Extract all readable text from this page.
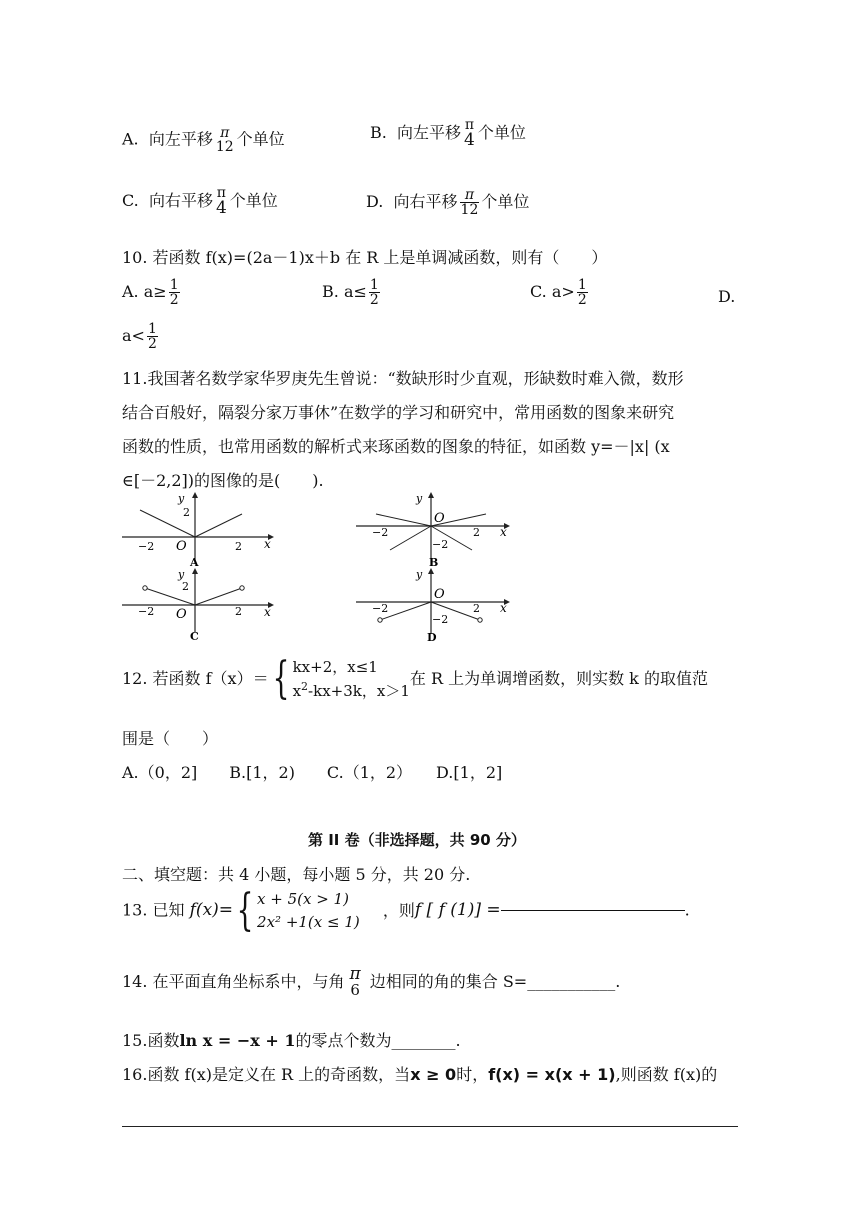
A. 向左平移 π
12 个单位	B. 向左平移 π
4 个单位
C. 向右平移 π
4 个单位	D. 向右平移 $\frac{\pi}{12}$ 个单位
10. 若函数 f(x)=(2a－1)x＋b 在 R 上是单调减函数，则有（　　）
A. $a\ge \frac{1}{2}$	B. $a\le \frac{1}{2}$	C. $a> \frac{1}{2}$	D.
$a< \frac{1}{2}$
11.我国著名数学家华罗庚先生曾说：“数缺形时少直观，形缺数时难入微，数形
结合百般好，隔裂分家万事休”在数学的学习和研究中，常用函数的图象来研究
函数的性质，也常用函数的解析式来琢函数的图象的特征，如函数 y=－|x| (x
∈[－2,2])的图像的是(　　).
y
2
x
O
−2	2
A
y
O
−2	2 x
−2
B
y
2
x
O
−2	2
C
y
O
−2	2 x
−2
D
12. 若函数 f（x）＝{ kx+2，x≤1
$x^2-kx+3k$，x＞1
在 R 上为单调增函数，则实数 k 的取值范
围是（　　）
A.（0，2]　　B.[1，2)　　C.（1，2）　　D.[1，2]
第 II 卷（非选择题，共 90 分）
二、填空题：共 4 小题，每小题 5 分，共 20 分.
13. 已知 f(x)={ x + 5(x > 1)
2x² +1(x ≤ 1)
，则f [ f (1)] =	.
14. 在平面直角坐标系中，与角 π
6 边相同的角的集合 S=___________.
15.函数ln x = −x + 1的零点个数为________.
16.函数 f(x)是定义在 R 上的奇函数，当x ≥ 0时，f(x) = x(x + 1),则函数 f(x)的
